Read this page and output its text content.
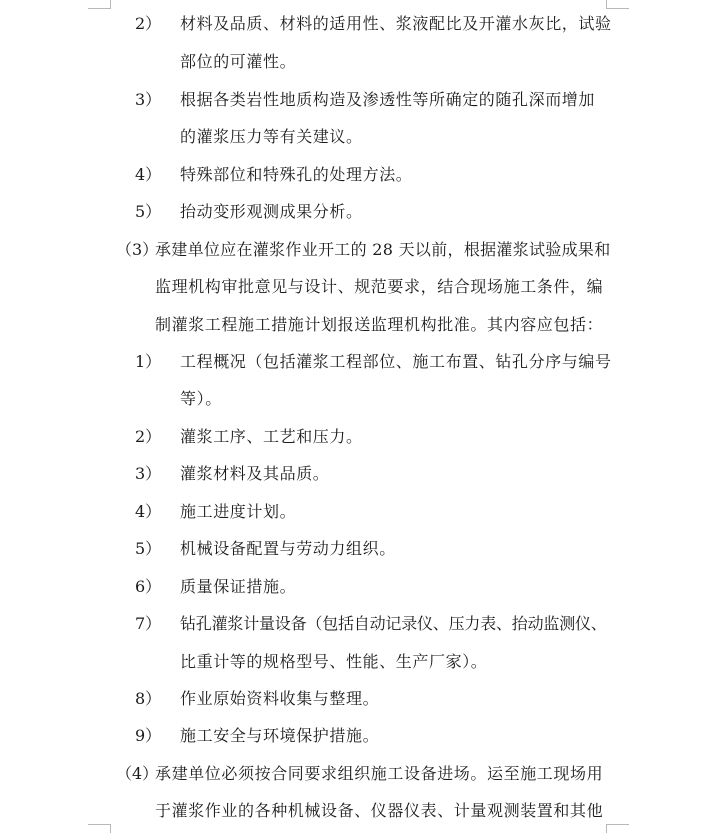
2） 材料及品质、材料的适用性、浆液配比及开灌水灰比，试验
部位的可灌性。
3） 根据各类岩性地质构造及渗透性等所确定的随孔深而增加
的灌浆压力等有关建议。
4） 特殊部位和特殊孔的处理方法。
5） 抬动变形观测成果分析。
（3）
承建单位应在灌浆作业开工的 28 天以前，根据灌浆试验成果和
监理机构审批意见与设计、规范要求，结合现场施工条件，编
制灌浆工程施工措施计划报送监理机构批准。其内容应包括：
1） 工程概况（包括灌浆工程部位、施工布置、钻孔分序与编号
等）。
2） 灌浆工序、工艺和压力。
3） 灌浆材料及其品质。
4） 施工进度计划。
5） 机械设备配置与劳动力组织。
6） 质量保证措施。
7） 钻孔灌浆计量设备（包括自动记录仪、压力表、抬动监测仪、
比重计等的规格型号、性能、生产厂家）。
8） 作业原始资料收集与整理。
9） 施工安全与环境保护措施。
（4）
承建单位必须按合同要求组织施工设备进场。运至施工现场用
于灌浆作业的各种机械设备、仪器仪表、计量观测装置和其他
